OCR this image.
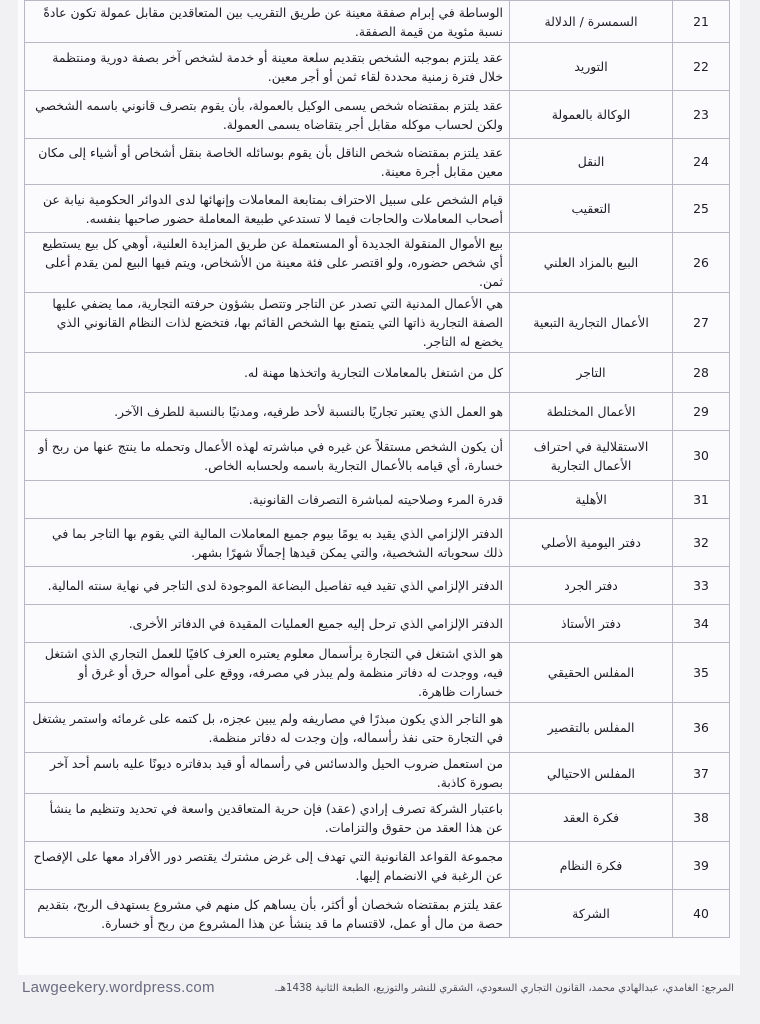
21	السمسرة / الدلالة	الوساطة في إبرام صفقة معينة عن طريق التقريب بين المتعاقدين مقابل عمولة تكون عادةً نسبة مئوية من قيمة الصفقة.
22	التوريد	عقد يلتزم بموجبه الشخص بتقديم سلعة معينة أو خدمة لشخص آخر بصفة دورية ومنتظمة خلال فترة زمنية محددة لقاء ثمن أو أجر معين.
23	الوكالة بالعمولة	عقد يلتزم بمقتضاه شخص يسمى الوكيل بالعمولة، بأن يقوم بتصرف قانوني باسمه الشخصي ولكن لحساب موكله مقابل أجر يتقاضاه يسمى العمولة.
24	النقل	عقد يلتزم بمقتضاه شخص الناقل بأن يقوم بوسائله الخاصة بنقل أشخاص أو أشياء إلى مكان معين مقابل أجرة معينة.
25	التعقيب	قيام الشخص على سبيل الاحتراف بمتابعة المعاملات وإنهائها لدى الدوائر الحكومية نيابة عن أصحاب المعاملات والحاجات فيما لا تستدعي طبيعة المعاملة حضور صاحبها بنفسه.
26	البيع بالمزاد العلني	بيع الأموال المنقولة الجديدة أو المستعملة عن طريق المزايدة العلنية، أوهي كل بيع يستطيع أي شخص حضوره، ولو اقتصر على فئة معينة من الأشخاص، ويتم فيها البيع لمن يقدم أعلى ثمن.
27	الأعمال التجارية التبعية	هي الأعمال المدنية التي تصدر عن التاجر وتتصل بشؤون حرفته التجارية، مما يضفي عليها الصفة التجارية ذاتها التي يتمتع بها الشخص القائم بها، فتخضع لذات النظام القانوني الذي يخضع له التاجر.
28	التاجر	كل من اشتغل بالمعاملات التجارية واتخذها مهنة له.
29	الأعمال المختلطة	هو العمل الذي يعتبر تجاريًا بالنسبة لأحد طرفيه، ومدنيًا بالنسبة للطرف الآخر.
30	الاستقلالية في احتراف الأعمال التجارية	أن يكون الشخص مستقلاً عن غيره في مباشرته لهذه الأعمال وتحمله ما ينتج عنها من ربح أو خسارة، أي قيامه بالأعمال التجارية باسمه ولحسابه الخاص.
31	الأهلية	قدرة المرء وصلاحيته لمباشرة التصرفات القانونية.
32	دفتر اليومية الأصلي	الدفتر الإلزامي الذي يقيد به يومًا بيوم جميع المعاملات المالية التي يقوم بها التاجر بما في ذلك سحوباته الشخصية، والتي يمكن قيدها إجمالًا شهرًا بشهر.
33	دفتر الجرد	الدفتر الإلزامي الذي تقيد فيه تفاصيل البضاعة الموجودة لدى التاجر في نهاية سنته المالية.
34	دفتر الأستاذ	الدفتر الإلزامي الذي ترحل إليه جميع العمليات المقيدة في الدفاتر الأخرى.
35	المفلس الحقيقي	هو الذي اشتغل في التجارة برأسمال معلوم يعتبره العرف كافيًا للعمل التجاري الذي اشتغل فيه، ووجدت له دفاتر منظمة ولم يبذر في مصرفه، ووقع على أمواله حرق أو غرق أو خسارات ظاهرة.
36	المفلس بالتقصير	هو التاجر الذي يكون مبذرًا في مصاريفه ولم يبين عجزه، بل كتمه على غرمائه واستمر يشتغل في التجارة حتى نفذ رأسماله، وإن وجدت له دفاتر منظمة.
37	المفلس الاحتيالي	من استعمل ضروب الحيل والدسائس في رأسماله أو قيد بدفاتره ديونًا عليه باسم أحد آخر بصورة كاذبة.
38	فكرة العقد	باعتبار الشركة تصرف إرادي (عقد) فإن حرية المتعاقدين واسعة في تحديد وتنظيم ما ينشأ عن هذا العقد من حقوق والتزامات.
39	فكرة النظام	مجموعة القواعد القانونية التي تهدف إلى غرض مشترك يقتصر دور الأفراد معها على الإفصاح عن الرغبة في الانضمام إليها.
40	الشركة	عقد يلتزم بمقتضاه شخصان أو أكثر، بأن يساهم كل منهم في مشروع يستهدف الربح، بتقديم حصة من مال أو عمل، لاقتسام ما قد ينشأ عن هذا المشروع من ربح أو خسارة.
Lawgeekery.wordpress.com	المرجع: الغامدي، عبدالهادي محمد، القانون التجاري السعودي، الشقري للنشر والتوزيع، الطبعة الثانية 1438هـ.
